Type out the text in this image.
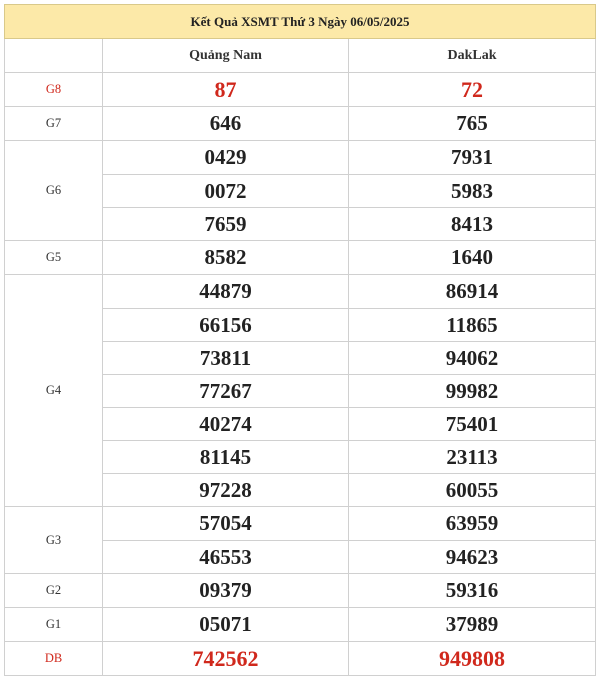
Kết Quả XSMT Thứ 3 Ngày 06/05/2025		
	Quảng Nam	DakLak
G8	87	72
G7	646	765
G6	0429	7931
	0072	5983
	7659	8413
G5	8582	1640
G4	44879	86914
	66156	11865
	73811	94062
	77267	99982
	40274	75401
	81145	23113
	97228	60055
G3	57054	63959
	46553	94623
G2	09379	59316
G1	05071	37989
DB	742562	949808
